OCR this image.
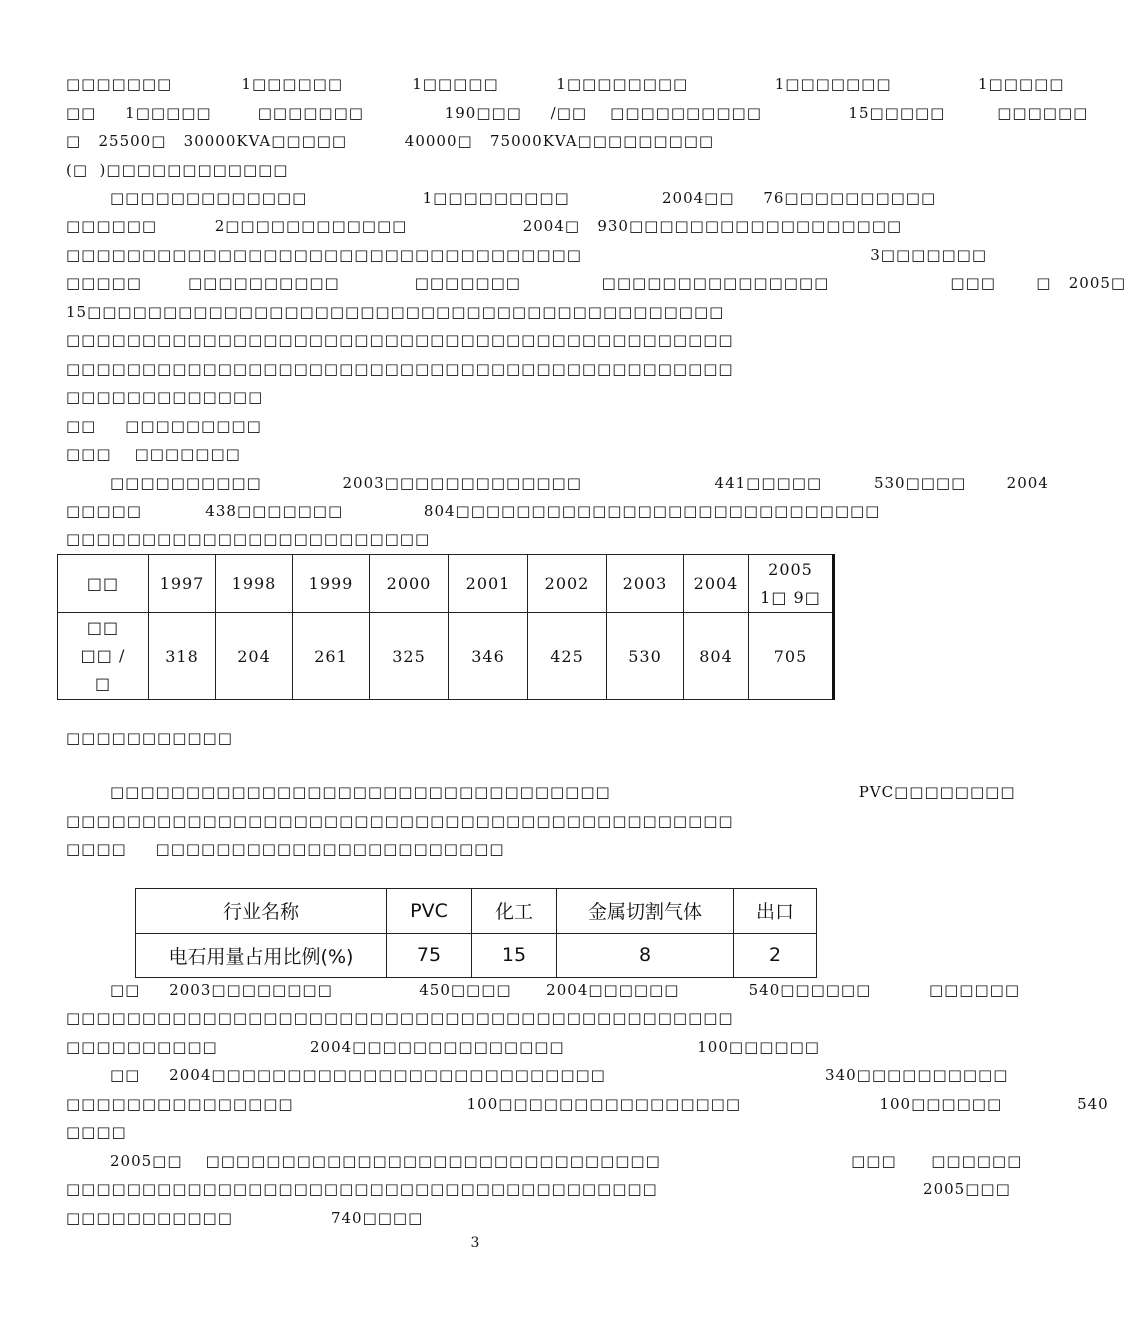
□□□□□□□            1□□□□□□            1□□□□□          1□□□□□□□□               1□□□□□□□               1□□□□□
□□     1□□□□□        □□□□□□□              190□□□     /□□    □□□□□□□□□□               15□□□□□         □□□□□□
□   25500□   30000KVA□□□□□          40000□   75000KVA□□□□□□□□□
(□  )□□□□□□□□□□□□
□□□□□□□□□□□□□                    1□□□□□□□□□                2004□□     76□□□□□□□□□□
□□□□□□          2□□□□□□□□□□□□                    2004□   930□□□□□□□□□□□□□□□□□□
□□□□□□□□□□□□□□□□□□□□□□□□□□□□□□□□□□                                                  3□□□□□□□
□□□□□        □□□□□□□□□□             □□□□□□□              □□□□□□□□□□□□□□□                     □□□       □   2005□
15□□□□□□□□□□□□□□□□□□□□□□□□□□□□□□□□□□□□□□□□□□
□□□□□□□□□□□□□□□□□□□□□□□□□□□□□□□□□□□□□□□□□□□□
□□□□□□□□□□□□□□□□□□□□□□□□□□□□□□□□□□□□□□□□□□□□
□□□□□□□□□□□□□
□□     □□□□□□□□□
□□□    □□□□□□□
□□□□□□□□□□              2003□□□□□□□□□□□□□                       441□□□□□         530□□□□       2004
□□□□□           438□□□□□□□              804□□□□□□□□□□□□□□□□□□□□□□□□□□□□
□□□□□□□□□□□□□□□□□□□□□□□□
□□	1997	1998	1999	2000	2001	2002	2003	2004	2005
1□ 9□

□□
□□ /
□	318	204	261	325	346	425	530	804	705
□□□□□□□□□□□
□□□□□□□□□□□□□□□□□□□□□□□□□□□□□□□□□                                           PVC□□□□□□□□
□□□□□□□□□□□□□□□□□□□□□□□□□□□□□□□□□□□□□□□□□□□□
□□□□     □□□□□□□□□□□□□□□□□□□□□□□
行业名称	PVC	化工	金属切割气体	出口
电石用量占用比例(%)	75	15	8	2
□□     2003□□□□□□□□               450□□□□      2004□□□□□□            540□□□□□□          □□□□□□
□□□□□□□□□□□□□□□□□□□□□□□□□□□□□□□□□□□□□□□□□□□□
□□□□□□□□□□                2004□□□□□□□□□□□□□□                       100□□□□□□
□□     2004□□□□□□□□□□□□□□□□□□□□□□□□□□                                      340□□□□□□□□□□
□□□□□□□□□□□□□□□                              100□□□□□□□□□□□□□□□□                        100□□□□□□             540
□□□□
2005□□    □□□□□□□□□□□□□□□□□□□□□□□□□□□□□□                                 □□□      □□□□□□
□□□□□□□□□□□□□□□□□□□□□□□□□□□□□□□□□□□□□□□                                              2005□□□
□□□□□□□□□□□                 740□□□□
3
